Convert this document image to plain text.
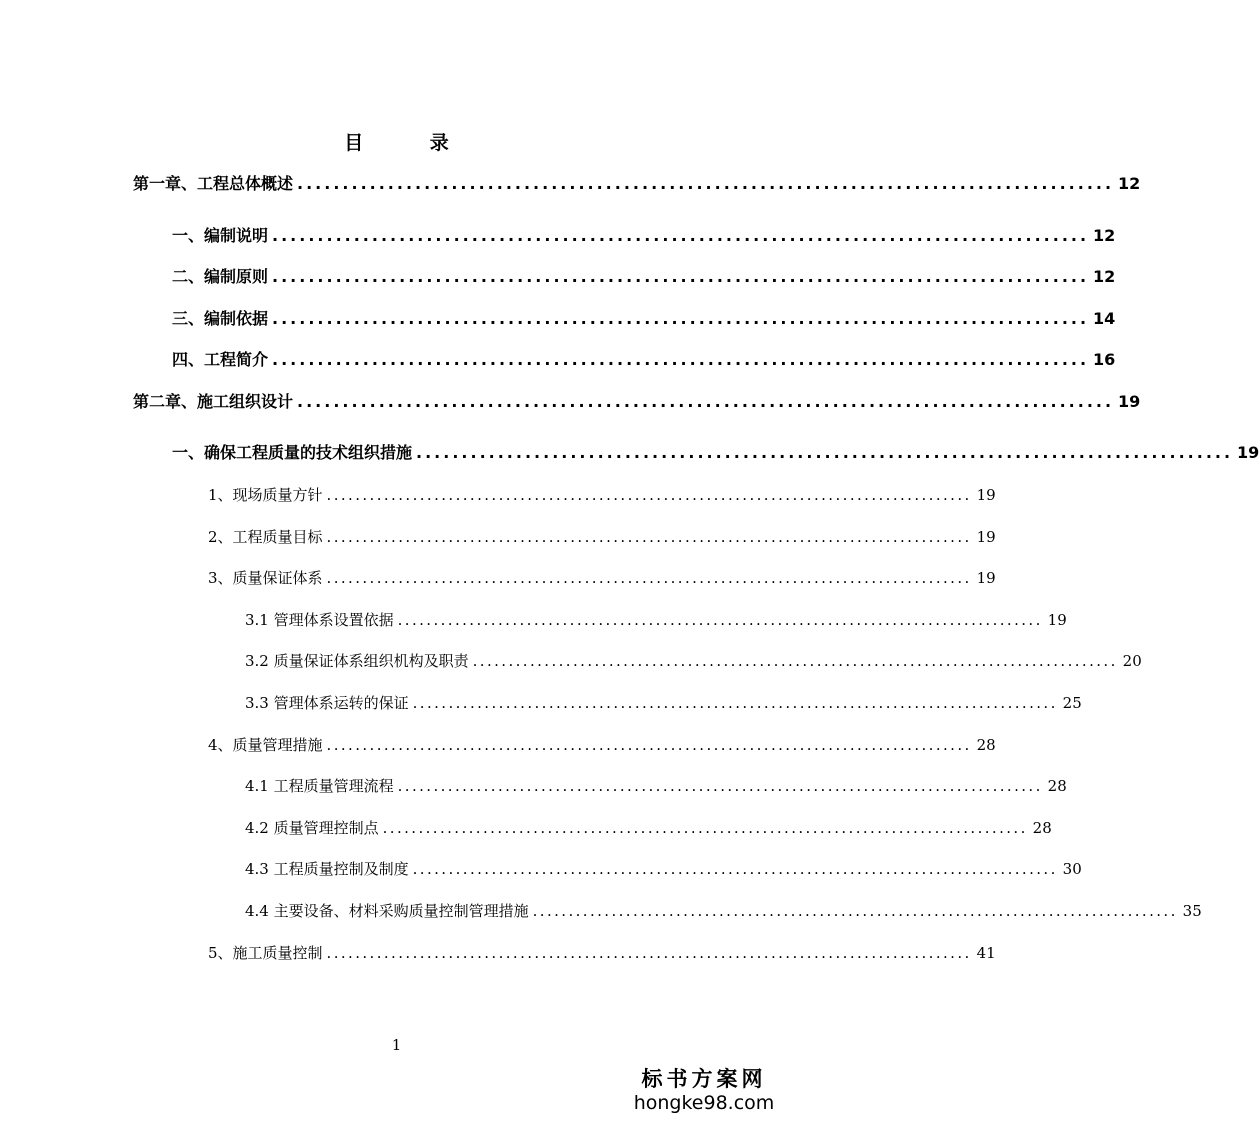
目 录
第一章、工程总体概述 .......................................................................................... 12
一、编制说明 .......................................................................................... 12
二、编制原则 .......................................................................................... 12
三、编制依据 .......................................................................................... 14
四、工程简介 .......................................................................................... 16
第二章、施工组织设计 .......................................................................................... 19
一、确保工程质量的技术组织措施 .......................................................................................... 19
1、现场质量方针 .......................................................................................... 19
2、工程质量目标 .......................................................................................... 19
3、质量保证体系 .......................................................................................... 19
3.1 管理体系设置依据 .......................................................................................... 19
3.2 质量保证体系组织机构及职责 .......................................................................................... 20
3.3 管理体系运转的保证 .......................................................................................... 25
4、质量管理措施 .......................................................................................... 28
4.1 工程质量管理流程 .......................................................................................... 28
4.2 质量管理控制点 .......................................................................................... 28
4.3 工程质量控制及制度 .......................................................................................... 30
4.4 主要设备、材料采购质量控制管理措施 .......................................................................................... 35
5、施工质量控制 .......................................................................................... 41
1
标书方案网
hongke98.com
